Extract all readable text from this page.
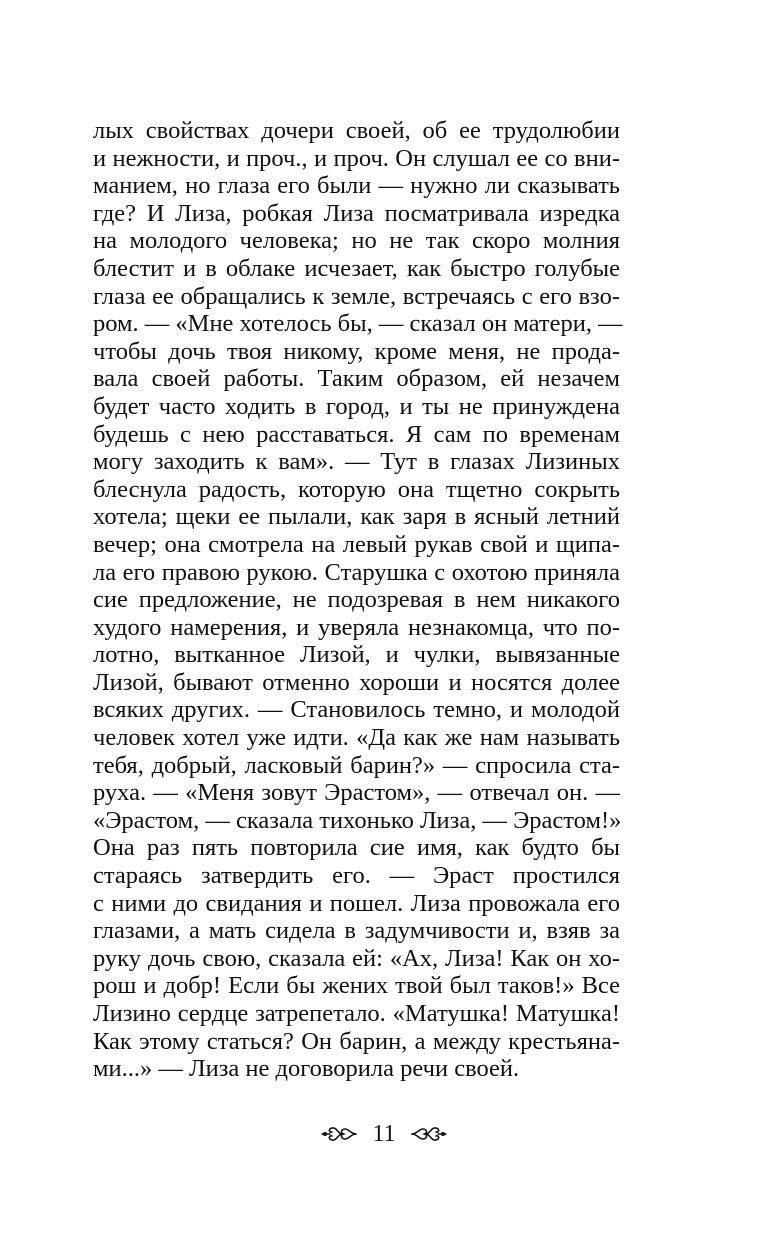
лых свойствах дочери своей, об ее трудолюбии
и нежности, и проч., и проч. Он слушал ее со вни-
манием, но глаза его были — нужно ли сказывать
где? И Лиза, робкая Лиза посматривала изредка
на молодого человека; но не так скоро молния
блестит и в облаке исчезает, как быстро голубые
глаза ее обращались к земле, встречаясь с его взо-
ром. — «Мне хотелось бы, — сказал он матери, —
чтобы дочь твоя никому, кроме меня, не прода-
вала своей работы. Таким образом, ей незачем
будет часто ходить в город, и ты не принуждена
будешь с нею расставаться. Я сам по временам
могу заходить к вам». — Тут в глазах Лизиных
блеснула радость, которую она тщетно сокрыть
хотела; щеки ее пылали, как заря в ясный летний
вечер; она смотрела на левый рукав свой и щипа-
ла его правою рукою. Старушка с охотою приняла
сие предложение, не подозревая в нем никакого
худого намерения, и уверяла незнакомца, что по-
лотно, вытканное Лизой, и чулки, вывязанные
Лизой, бывают отменно хороши и носятся долее
всяких других. — Становилось темно, и молодой
человек хотел уже идти. «Да как же нам называть
тебя, добрый, ласковый барин?» — спросила ста-
руха. — «Меня зовут Эрастом», — отвечал он. —
«Эрастом, — сказала тихонько Лиза, — Эрастом!»
Она раз пять повторила сие имя, как будто бы
стараясь затвердить его. — Эраст простился
с ними до свидания и пошел. Лиза провожала его
глазами, а мать сидела в задумчивости и, взяв за
руку дочь свою, сказала ей: «Ах, Лиза! Как он хо-
рош и добр! Если бы жених твой был таков!» Все
Лизино сердце затрепетало. «Матушка! Матушка!
Как этому статься? Он барин, а между крестьяна-
ми...» — Лиза не договорила речи своей.
11
